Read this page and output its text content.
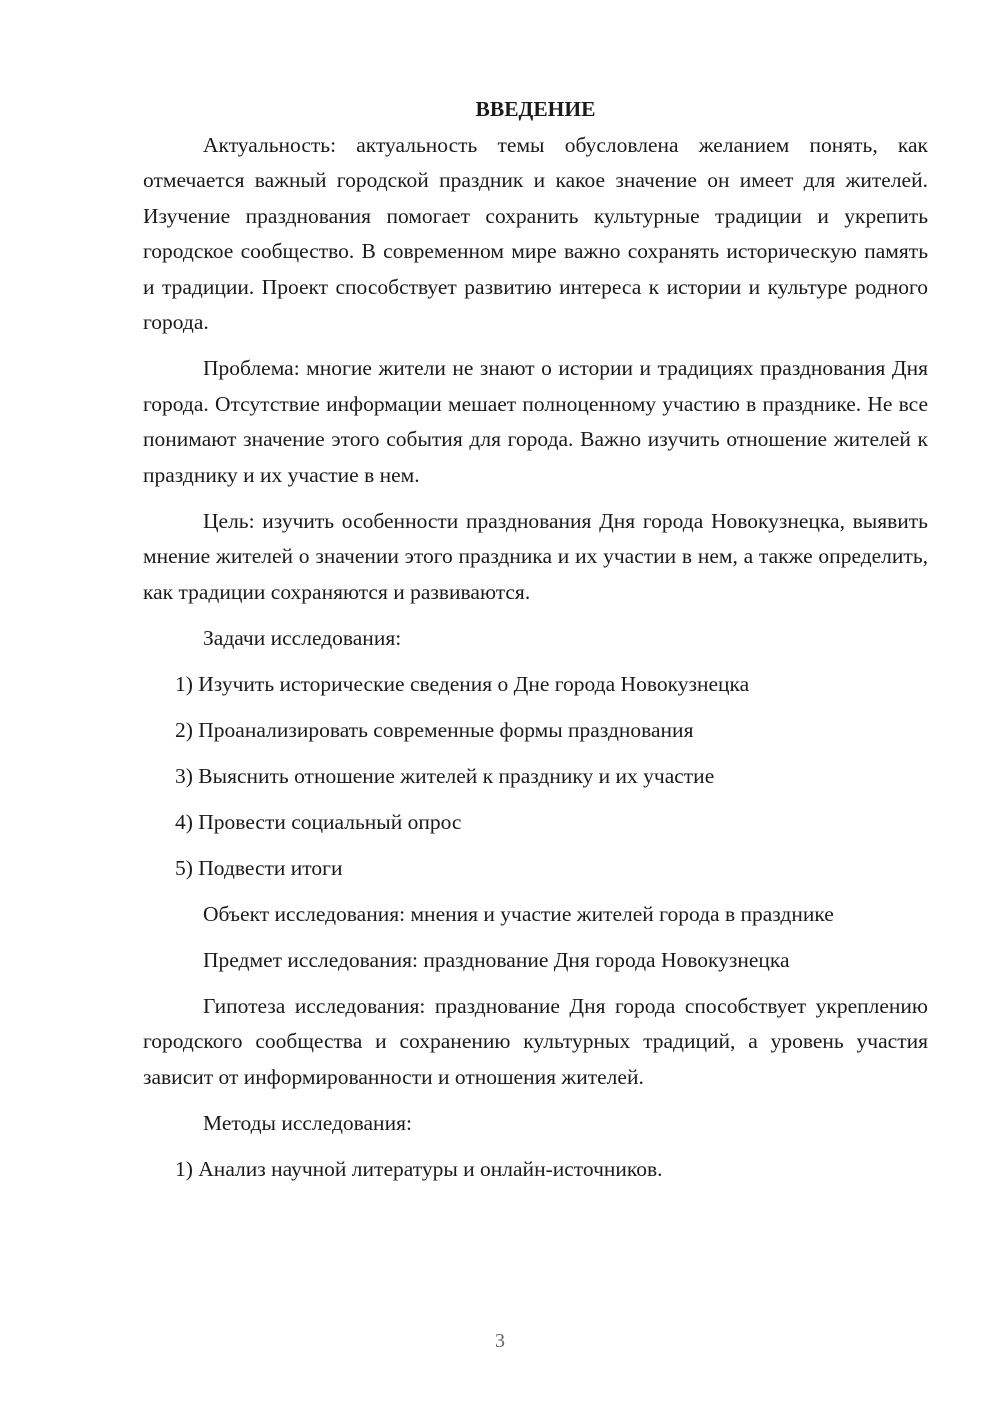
ВВЕДЕНИЕ

Актуальность: актуальность темы обусловлена желанием понять, как отмечается важный городской праздник и какое значение он имеет для жителей. Изучение празднования помогает сохранить культурные традиции и укрепить городское сообщество. В современном мире важно сохранять историческую память и традиции. Проект способствует развитию интереса к истории и культуре родного города.

Проблема: многие жители не знают о истории и традициях празднования Дня города. Отсутствие информации мешает полноценному участию в празднике. Не все понимают значение этого события для города. Важно изучить отношение жителей к празднику и их участие в нем.

Цель: изучить особенности празднования Дня города Новокузнецка, выявить мнение жителей о значении этого праздника и их участии в нем, а также определить, как традиции сохраняются и развиваются.

Задачи исследования:
1) Изучить исторические сведения о Дне города Новокузнецка
2) Проанализировать современные формы празднования
3) Выяснить отношение жителей к празднику и их участие
4) Провести социальный опрос
5) Подвести итоги

Объект исследования: мнения и участие жителей города в празднике

Предмет исследования: празднование Дня города Новокузнецка

Гипотеза исследования: празднование Дня города способствует укреплению городского сообщества и сохранению культурных традиций, а уровень участия зависит от информированности и отношения жителей.

Методы исследования:
1) Анализ научной литературы и онлайн-источников.
3
